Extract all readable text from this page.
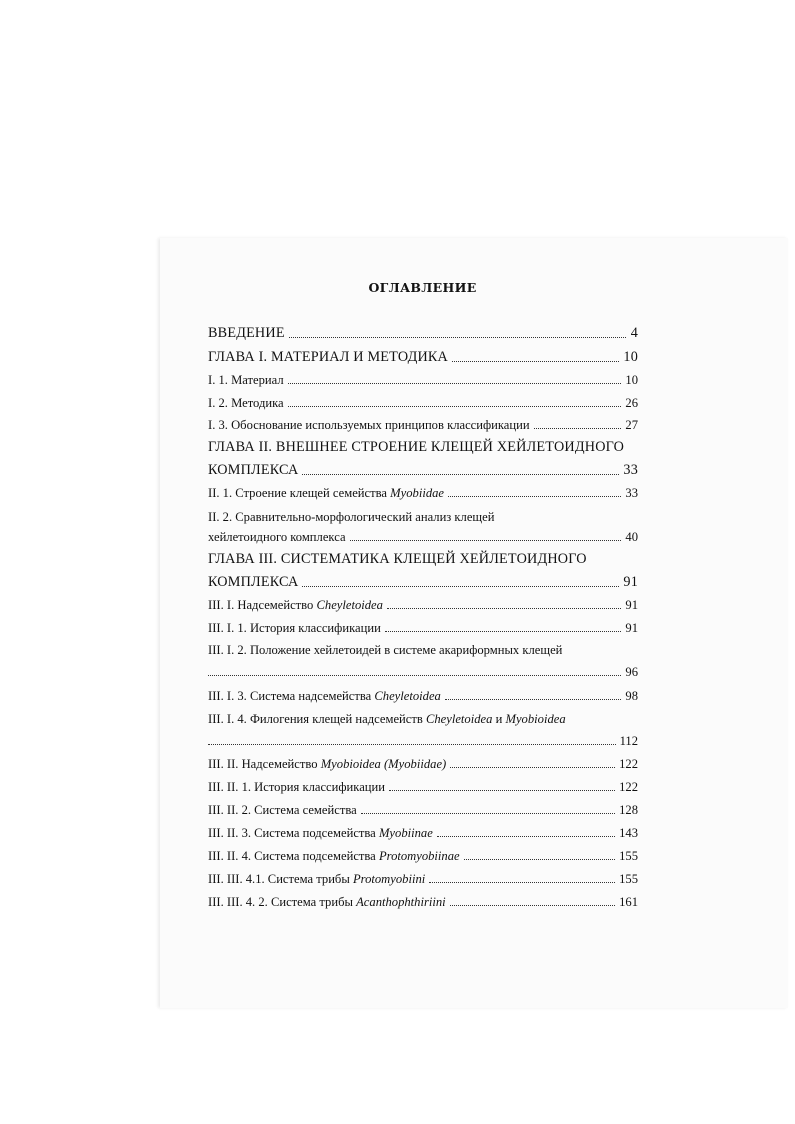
ОГЛАВЛЕНИЕ
ВВЕДЕНИЕ	4
ГЛАВА I. МАТЕРИАЛ И МЕТОДИКА	10
I. 1. Материал	10
I. 2. Методика	26
I. 3. Обоснование используемых принципов классификации	27
ГЛАВА II. ВНЕШНЕЕ СТРОЕНИЕ КЛЕЩЕЙ ХЕЙЛЕТОИДНОГО
КОМПЛЕКСА	33
II. 1. Строение клещей семейства Myobiidae	33
II. 2. Сравнительно-морфологический анализ клещей
хейлетоидного комплекса	40
ГЛАВА III. СИСТЕМАТИКА КЛЕЩЕЙ ХЕЙЛЕТОИДНОГО
КОМПЛЕКСА	91
III. I. Надсемейство Cheyletoidea	91
III. I. 1. История классификации	91
III. I. 2. Положение хейлетоидей в системе акариформных клещей
96
III. I. 3. Система надсемейства Cheyletoidea	98
III. I. 4. Филогения клещей надсемейств Cheyletoidea и Myobioidea
112
III. II. Надсемейство Myobioidea (Myobiidae)	122
III. II. 1. История классификации	122
III. II. 2. Система семейства	128
III. II. 3. Система подсемейства Myobiinae	143
III. II. 4. Система подсемейства Protomyobiinae	155
III. III. 4.1. Система трибы Protomyobiini	155
III. III. 4. 2. Система трибы Acanthophthiriini	161
